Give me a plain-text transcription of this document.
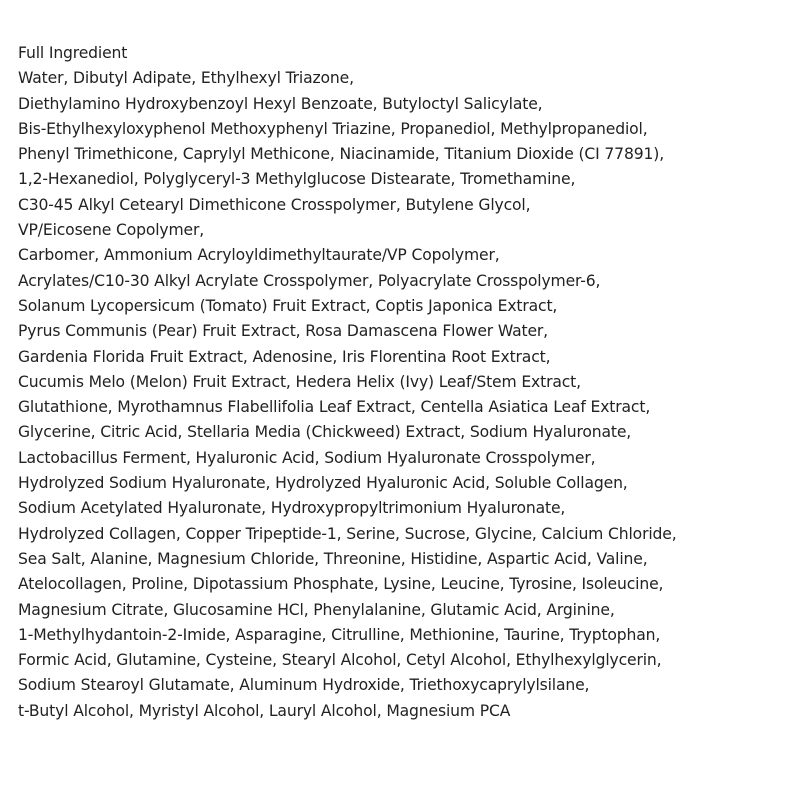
Full Ingredient
Water, Dibutyl Adipate, Ethylhexyl Triazone,
Diethylamino Hydroxybenzoyl Hexyl Benzoate, Butyloctyl Salicylate,
Bis-Ethylhexyloxyphenol Methoxyphenyl Triazine, Propanediol, Methylpropanediol,
Phenyl Trimethicone, Caprylyl Methicone, Niacinamide, Titanium Dioxide (CI 77891),
1,2-Hexanediol, Polyglyceryl-3 Methylglucose Distearate, Tromethamine,
C30-45 Alkyl Cetearyl Dimethicone Crosspolymer, Butylene Glycol,
VP/Eicosene Copolymer,
Carbomer, Ammonium Acryloyldimethyltaurate/VP Copolymer,
Acrylates/C10-30 Alkyl Acrylate Crosspolymer, Polyacrylate Crosspolymer-6,
Solanum Lycopersicum (Tomato) Fruit Extract, Coptis Japonica Extract,
Pyrus Communis (Pear) Fruit Extract, Rosa Damascena Flower Water,
Gardenia Florida Fruit Extract, Adenosine, Iris Florentina Root Extract,
Cucumis Melo (Melon) Fruit Extract, Hedera Helix (Ivy) Leaf/Stem Extract,
Glutathione, Myrothamnus Flabellifolia Leaf Extract, Centella Asiatica Leaf Extract,
Glycerine, Citric Acid, Stellaria Media (Chickweed) Extract, Sodium Hyaluronate,
Lactobacillus Ferment, Hyaluronic Acid, Sodium Hyaluronate Crosspolymer,
Hydrolyzed Sodium Hyaluronate, Hydrolyzed Hyaluronic Acid, Soluble Collagen,
Sodium Acetylated Hyaluronate, Hydroxypropyltrimonium Hyaluronate,
Hydrolyzed Collagen, Copper Tripeptide-1, Serine, Sucrose, Glycine, Calcium Chloride,
Sea Salt, Alanine, Magnesium Chloride, Threonine, Histidine, Aspartic Acid, Valine,
Atelocollagen, Proline, Dipotassium Phosphate, Lysine, Leucine, Tyrosine, Isoleucine,
Magnesium Citrate, Glucosamine HCl, Phenylalanine, Glutamic Acid, Arginine,
1-Methylhydantoin-2-Imide, Asparagine, Citrulline, Methionine, Taurine, Tryptophan,
Formic Acid, Glutamine, Cysteine, Stearyl Alcohol, Cetyl Alcohol, Ethylhexylglycerin,
Sodium Stearoyl Glutamate, Aluminum Hydroxide, Triethoxycaprylylsilane,
t-Butyl Alcohol, Myristyl Alcohol, Lauryl Alcohol, Magnesium PCA
